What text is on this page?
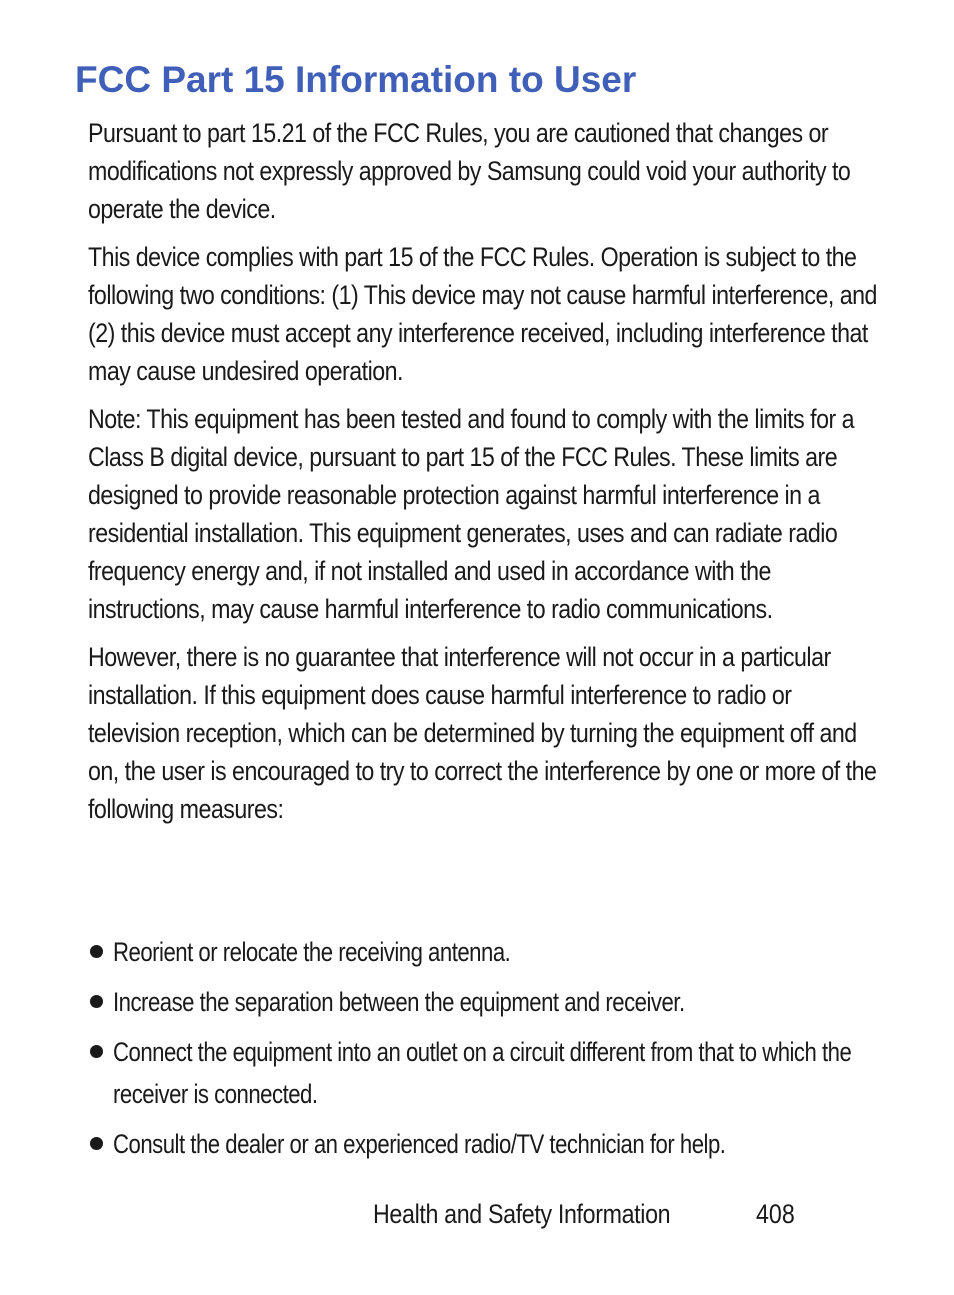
FCC Part 15 Information to User

Pursuant to part 15.21 of the FCC Rules, you are cautioned that changes or modifications not expressly approved by Samsung could void your authority to operate the device.

This device complies with part 15 of the FCC Rules. Operation is subject to the following two conditions: (1) This device may not cause harmful interference, and (2) this device must accept any interference received, including interference that may cause undesired operation.

Note: This equipment has been tested and found to comply with the limits for a Class B digital device, pursuant to part 15 of the FCC Rules. These limits are designed to provide reasonable protection against harmful interference in a residential installation. This equipment generates, uses and can radiate radio frequency energy and, if not installed and used in accordance with the instructions, may cause harmful interference to radio communications.

However, there is no guarantee that interference will not occur in a particular installation. If this equipment does cause harmful interference to radio or television reception, which can be determined by turning the equipment off and on, the user is encouraged to try to correct the interference by one or more of the following measures:

Reorient or relocate the receiving antenna.
Increase the separation between the equipment and receiver.
Connect the equipment into an outlet on a circuit different from that to which the receiver is connected.
Consult the dealer or an experienced radio/TV technician for help.
Health and Safety Information	408
